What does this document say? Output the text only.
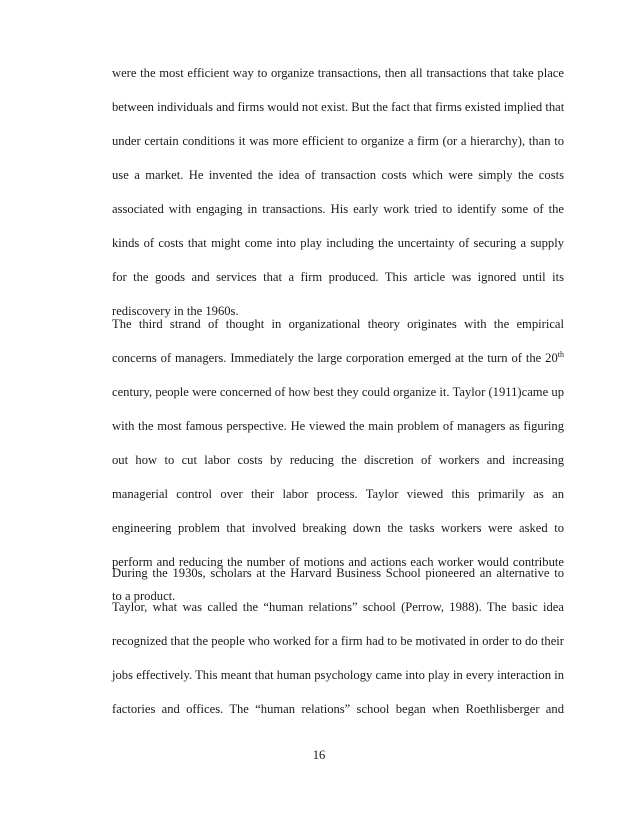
were the most efficient way to organize transactions, then all transactions that take place
between individuals and firms would not exist. But the fact that firms existed implied that
under certain conditions it was more efficient to organize a firm (or a hierarchy), than to
use a market. He invented the idea of transaction costs which were simply the costs
associated with engaging in transactions. His early work tried to identify some of the
kinds of costs that might come into play including the uncertainty of securing a supply
for the goods and services that a firm produced. This article was ignored until its
rediscovery in the 1960s.
The third strand of thought in organizational theory originates with the empirical
concerns of managers. Immediately the large corporation emerged at the turn of the 20th
century, people were concerned of how best they could organize it. Taylor (1911)came up
with the most famous perspective. He viewed the main problem of managers as figuring
out how to cut labor costs by reducing the discretion of workers and increasing
managerial control over their labor process. Taylor viewed this primarily as an
engineering problem that involved breaking down the tasks workers were asked to
perform and reducing the number of motions and actions each worker would contribute
to a product.
During the 1930s, scholars at the Harvard Business School pioneered an alternative to
Taylor, what was called the “human relations” school (Perrow, 1988). The basic idea
recognized that the people who worked for a firm had to be motivated in order to do their
jobs effectively. This meant that human psychology came into play in every interaction in
factories and offices. The “human relations” school began when Roethlisberger and
16
